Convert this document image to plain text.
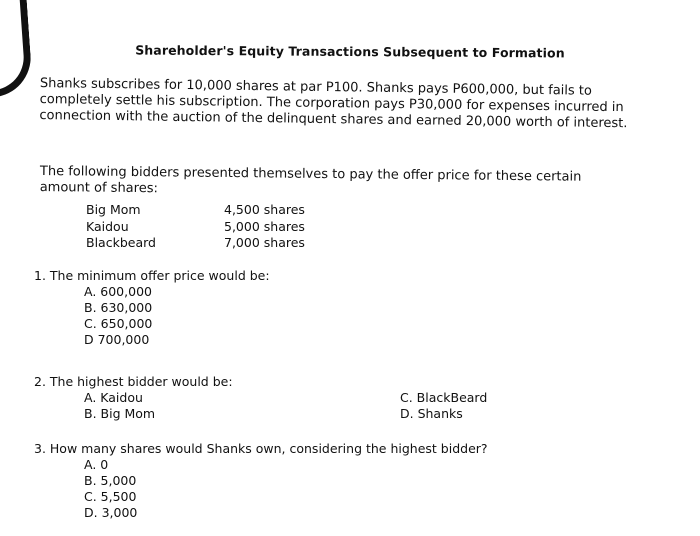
Shareholder's Equity Transactions Subsequent to Formation
Shanks subscribes for 10,000 shares at par P100. Shanks pays P600,000, but fails to completely settle his subscription. The corporation pays P30,000 for expenses incurred in connection with the auction of the delinquent shares and earned 20,000 worth of interest.
The following bidders presented themselves to pay the offer price for these certain amount of shares:
Big Mom	4,500 shares
Kaidou	5,000 shares
Blackbeard	7,000 shares
1. The minimum offer price would be:
A. 600,000
B. 630,000
C. 650,000
D 700,000
2. The highest bidder would be:
A. Kaidou
B. Big Mom
C. BlackBeard
D. Shanks
3. How many shares would Shanks own, considering the highest bidder?
A. 0
B. 5,000
C. 5,500
D. 3,000
